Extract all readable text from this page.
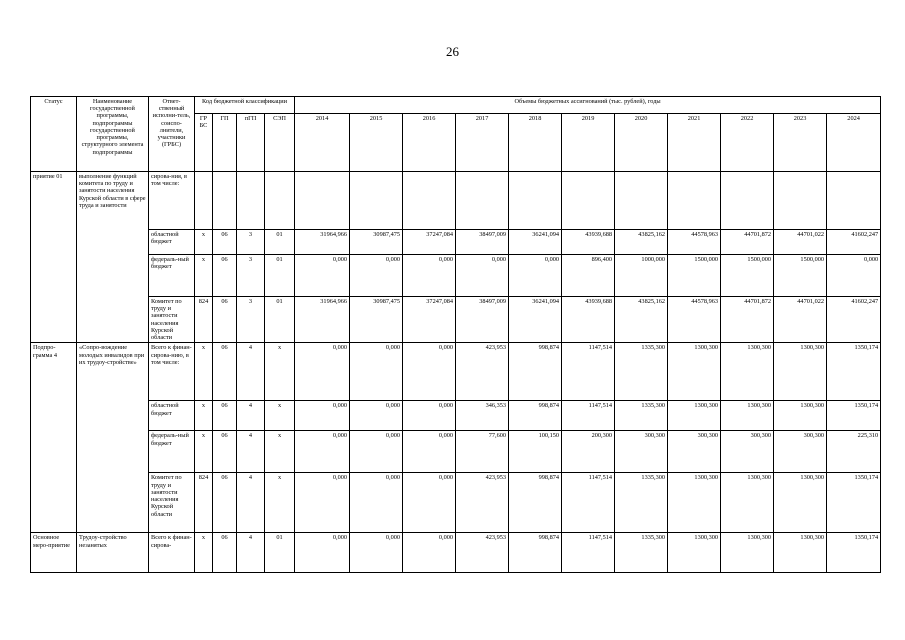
26
Статус	Наименование государственной программы, подпрограммы государственной программы, структурного элемента подпрограммы	Ответ-ственный исполни-тель, соиспо-лнители, участники (ГРБС)	Код бюджетной классификации				Объемы бюджетных ассигнований (тыс. рублей), годы										
			ГР БС	ГП	пГП	СЭП	2014	2015	2016	2017	2018	2019	2020	2021	2022	2023	2024
приятие 01	выполнение функций комитета по труду и занятости населения Курской области в сфере труда и занятости	сирова-ния, в том числе:															
		областной бюджет	x	06	3	01	31964,966	30987,475	37247,084	38497,009	36241,094	43939,688	43825,162	44578,963	44701,872	44701,022	41602,247
		федераль-ный бюджет	x	06	3	01	0,000	0,000	0,000	0,000	0,000	896,400	1000,000	1500,000	1500,000	1500,000	0,000
		Комитет по труду и занятости населения Курской области	824	06	3	01	31964,966	30987,475	37247,084	38497,009	36241,094	43939,688	43825,162	44578,963	44701,872	44701,022	41602,247
Подпро-грамма 4	«Сопро-вождение молодых инвалидов при их трудоу-стройстве»	Всего к финан-сирова-нию, в том числе:	x	06	4	x	0,000	0,000	0,000	423,953	998,874	1147,514	1335,300	1300,300	1300,300	1300,300	1350,174
		областной бюджет	x	06	4	x	0,000	0,000	0,000	346,353	998,874	1147,514	1335,300	1300,300	1300,300	1300,300	1350,174
		федераль-ный бюджет	x	06	4	x	0,000	0,000	0,000	77,600	100,150	200,300	300,300	300,300	300,300	300,300	225,310
		Комитет по труду и занятости населения Курской области	824	06	4	x	0,000	0,000	0,000	423,953	998,874	1147,514	1335,300	1300,300	1300,300	1300,300	1350,174
Основное меро-приятие	Трудоу-стройство незанятых	Всего к финан-сирова-	x	06	4	01	0,000	0,000	0,000	423,953	998,874	1147,514	1335,300	1300,300	1300,300	1300,300	1350,174
